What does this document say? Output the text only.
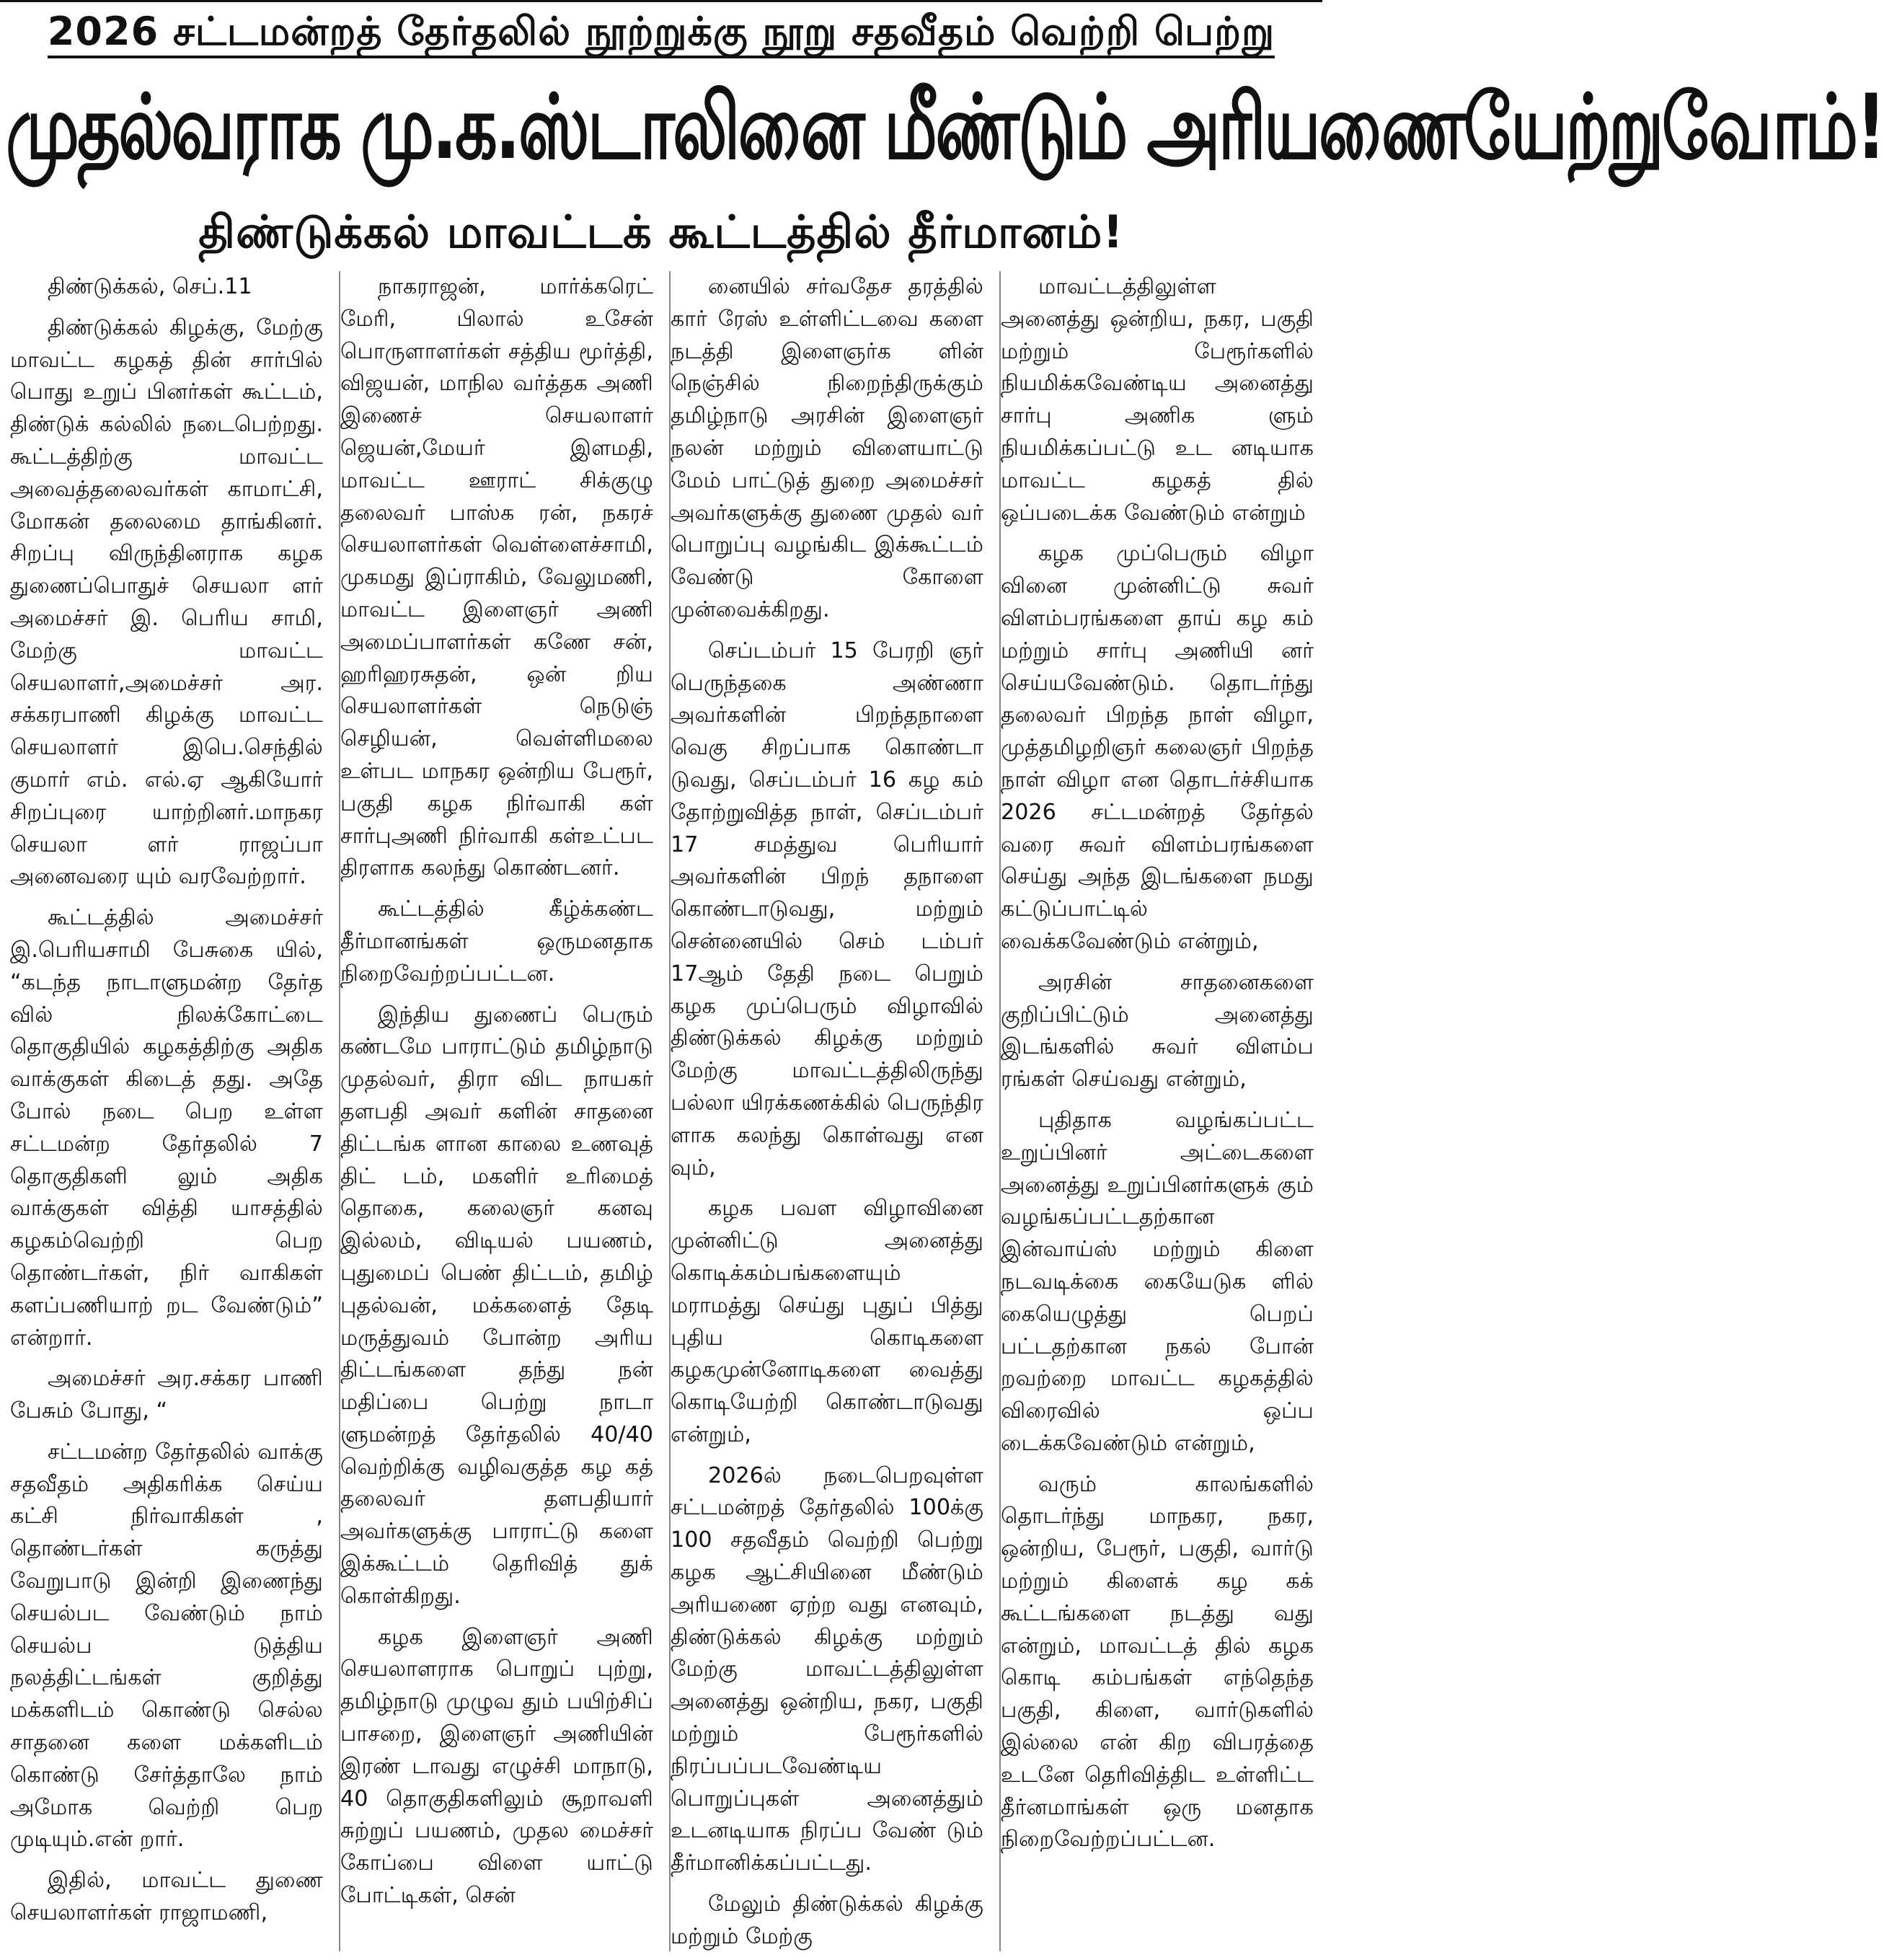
2026 சட்டமன்றத் தேர்தலில் நூற்றுக்கு நூறு சதவீதம் வெற்றி பெற்று
முதல்வராக மு.க.ஸ்டாலினை மீண்டும் அரியணையேற்றுவோம்!
திண்டுக்கல் மாவட்டக் கூட்டத்தில் தீர்மானம்!

திண்டுக்கல், செப்.11

திண்டுக்கல் கிழக்கு, மேற்கு மாவட்ட கழகத் தின் சார்பில் பொது உறுப் பினர்கள் கூட்டம், திண்டுக் கல்லில் நடைபெற்றது. கூட்டத்திற்கு மாவட்ட அவைத்தலைவர்கள் காமாட்சி, மோகன் தலைமை தாங்கினர். சிறப்பு விருந்தினராக கழக துணைப்பொதுச் செயலா ளர் அமைச்சர் இ. பெரிய சாமி, மேற்கு மாவட்ட செயலாளர்,அமைச்சர் அர. சக்கரபாணி கிழக்கு மாவட்ட செயலாளர் இபெ.செந்தில் குமார் எம். எல்.ஏ ஆகியோர் சிறப்புரை யாற்றினர்.மாநகர செயலா ளர் ராஜப்பா அனைவரை யும் வரவேற்றார்.

கூட்டத்தில் அமைச்சர் இ.பெரியசாமி பேசுகை யில், “கடந்த நாடாளுமன்ற தேர்த வில் நிலக்கோட்டை தொகுதியில் கழகத்திற்கு அதிக வாக்குகள் கிடைத் தது. அதே போல் நடை பெற உள்ள சட்டமன்ற தேர்தலில் 7 தொகுதிகளி லும் அதிக வாக்குகள் வித்தி யாசத்தில் கழகம்வெற்றி பெற தொண்டர்கள், நிர் வாகிகள் களப்பணியாற் றட வேண்டும்” என்றார்.

அமைச்சர் அர.சக்கர பாணி பேசும் போது, “

சட்டமன்ற தேர்தலில் வாக்கு சதவீதம் அதிகரிக்க செய்ய கட்சி நிர்வாகிகள் , தொண்டர்கள் கருத்து வேறுபாடு இன்றி இணைந்து செயல்பட வேண்டும் நாம் செயல்ப டுத்திய நலத்திட்டங்கள் குறித்து மக்களிடம் கொண்டு செல்ல சாதனை களை மக்களிடம் கொண்டு சேர்த்தாலே நாம் அமோக வெற்றி பெற முடியும்.என் றார்.

இதில், மாவட்ட துணை செயலாளர்கள் ராஜாமணி,

நாகராஜன், மார்க்கரெட் மேரி, பிலால் உசேன் பொருளாளர்கள் சத்திய மூர்த்தி, விஜயன், மாநில வர்த்தக அணி இணைச் செயலாளர் ஜெயன்,மேயர் இளமதி, மாவட்ட ஊராட் சிக்குழு தலைவர் பாஸ்க ரன், நகரச் செயலாளர்கள் வெள்ளைச்சாமி, முகமது இப்ராகிம், வேலுமணி, மாவட்ட இளைஞர் அணி அமைப்பாளர்கள் கணே சன், ஹரிஹரசுதன், ஒன் றிய செயலாளர்கள் நெடுஞ் செழியன், வெள்ளிமலை உள்பட மாநகர ஒன்றிய பேரூர், பகுதி கழக நிர்வாகி கள் சார்புஅணி நிர்வாகி கள்உட்பட திரளாக கலந்து கொண்டனர்.

கூட்டத்தில் கீழ்க்கண்ட தீர்மானங்கள் ஒருமனதாக நிறைவேற்றப்பட்டன.

இந்திய துணைப் பெரும் கண்டமே பாராட்டும் தமிழ்நாடு முதல்வர், திரா விட நாயகர் தளபதி அவர் களின் சாதனை திட்டங்க ளான காலை உணவுத் திட் டம், மகளிர் உரிமைத் தொகை, கலைஞர் கனவு இல்லம், விடியல் பயணம், புதுமைப் பெண் திட்டம், தமிழ் புதல்வன், மக்களைத் தேடி மருத்துவம் போன்ற அரிய திட்டங்களை தந்து நன் மதிப்பை பெற்று நாடா ளுமன்றத் தேர்தலில் 40/40 வெற்றிக்கு வழிவகுத்த கழ கத் தலைவர் தளபதியார் அவர்களுக்கு பாராட்டு களை இக்கூட்டம் தெரிவித் துக் கொள்கிறது.

கழக இளைஞர் அணி செயலாளராக பொறுப் புற்று, தமிழ்நாடு முழுவ தும் பயிற்சிப் பாசறை, இளைஞர் அணியின் இரண் டாவது எழுச்சி மாநாடு, 40 தொகுதிகளிலும் சூறாவளி சுற்றுப் பயணம், முதல மைச்சர் கோப்பை விளை யாட்டு போட்டிகள், சென்

னையில் சர்வதேச தரத்தில் கார் ரேஸ் உள்ளிட்டவை களை நடத்தி இளைஞர்க ளின் நெஞ்சில் நிறைந்திருக்கும் தமிழ்நாடு அரசின் இளைஞர் நலன் மற்றும் விளையாட்டு மேம் பாட்டுத் துறை அமைச்சர் அவர்களுக்கு துணை முதல் வர் பொறுப்பு வழங்கிட இக்கூட்டம் வேண்டு கோளை முன்வைக்கிறது.

செப்டம்பர் 15 பேரறி ஞர் பெருந்தகை அண்ணா அவர்களின் பிறந்தநாளை வெகு சிறப்பாக கொண்டா டுவது, செப்டம்பர் 16 கழ கம் தோற்றுவித்த நாள், செப்டம்பர் 17 சமத்துவ பெரியார் அவர்களின் பிறந் தநாளை கொண்டாடுவது, மற்றும் சென்னையில் செம் டம்பர் 17ஆம் தேதி நடை பெறும் கழக முப்பெரும் விழாவில் திண்டுக்கல் கிழக்கு மற்றும் மேற்கு மாவட்டத்திலிருந்து பல்லா யிரக்கணக்கில் பெருந்திர ளாக கலந்து கொள்வது என வும்,

கழக பவள விழாவினை முன்னிட்டு அனைத்து கொடிக்கம்பங்களையும் மராமத்து செய்து புதுப் பித்து புதிய கொடிகளை கழகமுன்னோடிகளை வைத்து கொடியேற்றி கொண்டாடுவது என்றும்,

2026ல் நடைபெறவுள்ள சட்டமன்றத் தேர்தலில் 100க்கு 100 சதவீதம் வெற்றி பெற்று கழக ஆட்சியினை மீண்டும் அரியணை ஏற்ற வது எனவும், திண்டுக்கல் கிழக்கு மற்றும் மேற்கு மாவட்டத்திலுள்ள அனைத்து ஒன்றிய, நகர, பகுதி மற்றும் பேரூர்களில் நிரப்பப்படவேண்டிய பொறுப்புகள் அனைத்தும் உடனடியாக நிரப்ப வேண் டும் தீர்மானிக்கப்பட்டது.

மேலும் திண்டுக்கல் கிழக்கு மற்றும் மேற்கு

மாவட்டத்திலுள்ள அனைத்து ஒன்றிய, நகர, பகுதி மற்றும் பேரூர்களில் நியமிக்கவேண்டிய அனைத்து சார்பு அணிக ளும் நியமிக்கப்பட்டு உட னடியாக மாவட்ட கழகத் தில் ஒப்படைக்க வேண்டும் என்றும்

கழக முப்பெரும் விழா வினை முன்னிட்டு சுவர் விளம்பரங்களை தாய் கழ கம் மற்றும் சார்பு அணியி னர் செய்யவேண்டும். தொடர்ந்து தலைவர் பிறந்த நாள் விழா, முத்தமிழறிஞர் கலைஞர் பிறந்த நாள் விழா என தொடர்ச்சியாக 2026 சட்டமன்றத் தேர்தல் வரை சுவர் விளம்பரங்களை செய்து அந்த இடங்களை நமது கட்டுப்பாட்டில் வைக்கவேண்டும் என்றும்,

அரசின் சாதனைகளை குறிப்பிட்டும் அனைத்து இடங்களில் சுவர் விளம்ப ரங்கள் செய்வது என்றும்,

புதிதாக வழங்கப்பட்ட உறுப்பினர் அட்டைகளை அனைத்து உறுப்பினர்களுக் கும் வழங்கப்பட்டதற்கான இன்வாய்ஸ் மற்றும் கிளை நடவடிக்கை கையேடுக ளில் கையெழுத்து பெறப் பட்டதற்கான நகல் போன் றவற்றை மாவட்ட கழகத்தில் விரைவில் ஒப்ப டைக்கவேண்டும் என்றும்,

வரும் காலங்களில் தொடர்ந்து மாநகர, நகர, ஒன்றிய, பேரூர், பகுதி, வார்டு மற்றும் கிளைக் கழ கக் கூட்டங்களை நடத்து வது என்றும், மாவட்டத் தில் கழக கொடி கம்பங்கள் எந்தெந்த பகுதி, கிளை, வார்டுகளில் இல்லை என் கிற விபரத்தை உடனே தெரிவித்திட உள்ளிட்ட தீர்னமாங்கள் ஒரு மனதாக நிறைவேற்றப்பட்டன.
